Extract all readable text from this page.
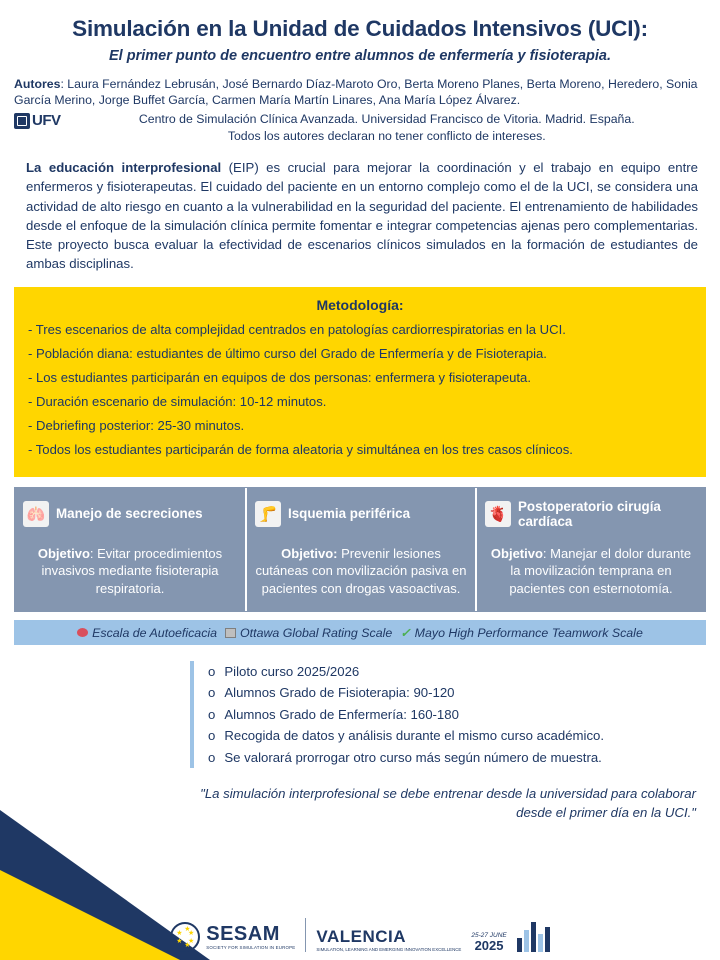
Simulación en la Unidad de Cuidados Intensivos (UCI):
El primer punto de encuentro entre alumnos de enfermería y fisioterapia.
Autores: Laura Fernández Lebrusán, José Bernardo Díaz-Maroto Oro, Berta Moreno Planes, Berta Moreno, Heredero, Sonia García Merino, Jorge Buffet García, Carmen María Martín Linares, Ana María López Álvarez.
UFV	Centro de Simulación Clínica Avanzada. Universidad Francisco de Vitoria. Madrid. España.
Todos los autores declaran no tener conflicto de intereses.
La educación interprofesional (EIP) es crucial para mejorar la coordinación y el trabajo en equipo entre enfermeros y fisioterapeutas. El cuidado del paciente en un entorno complejo como el de la UCI, se considera una actividad de alto riesgo en cuanto a la vulnerabilidad en la seguridad del paciente. El entrenamiento de habilidades desde el enfoque de la simulación clínica permite fomentar e integrar competencias ajenas pero complementarias. Este proyecto busca evaluar la efectividad de escenarios clínicos simulados en la formación de estudiantes de ambas disciplinas.
Metodología:
- Tres escenarios de alta complejidad centrados en patologías cardiorrespiratorias en la UCI.
- Población diana: estudiantes de último curso del Grado de Enfermería y de Fisioterapia.
- Los estudiantes participarán en equipos de dos personas: enfermera y fisioterapeuta.
- Duración escenario de simulación: 10-12 minutos.
- Debriefing posterior: 25-30 minutos.
- Todos los estudiantes participarán de forma aleatoria y simultánea en los tres casos clínicos.
🫁 Manejo de secreciones
Objetivo: Evitar procedimientos invasivos mediante fisioterapia respiratoria.
🦵 Isquemia periférica
Objetivo: Prevenir lesiones cutáneas con movilización pasiva en pacientes con drogas vasoactivas.
🫀 Postoperatorio cirugía cardíaca
Objetivo: Manejar el dolor durante la movilización temprana en pacientes con esternotomía.
Escala de Autoeficacia Ottawa Global Rating Scale ✓ Mayo High Performance Teamwork Scale
o Piloto curso 2025/2026
o Alumnos Grado de Fisioterapia: 90-120
o Alumnos Grado de Enfermería: 160-180
o Recogida de datos y análisis durante el mismo curso académico.
o Se valorará prorrogar otro curso más según número de muestra.
"La simulación interprofesional se debe entrenar desde la universidad para colaborar desde el primer día en la UCI."
★
★ ★
★ ★
★
SESAM
SOCIETY FOR SIMULATION IN EUROPE
VALENCIA
SIMULATION, LEARNING AND EMERGING INNOVATION EXCELLENCE
25-27 JUNE
2025
